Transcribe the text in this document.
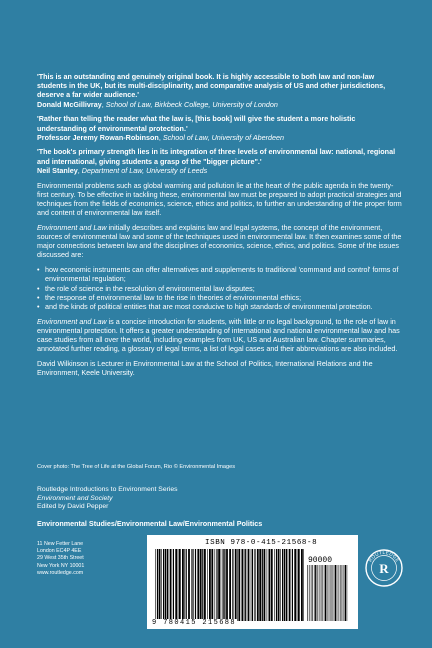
'This is an outstanding and genuinely original book. It is highly accessible to both law and non-law students in the UK, but its multi-disciplinarity, and comparative analysis of US and other jurisdictions, deserve a far wider audience.'
Donald McGillivray, School of Law, Birkbeck College, University of London
'Rather than telling the reader what the law is, [this book] will give the student a more holistic understanding of environmental protection.'
Professor Jeremy Rowan-Robinson, School of Law, University of Aberdeen
'The book's primary strength lies in its integration of three levels of environmental law: national, regional and international, giving students a grasp of the "bigger picture".'
Neil Stanley, Department of Law, University of Leeds

Environmental problems such as global warming and pollution lie at the heart of the public agenda in the twenty-first century. To be effective in tackling these, environmental law must be prepared to adopt practical strategies and techniques from the fields of economics, science, ethics and politics, to further an understanding of the proper form and content of environmental law itself.

Environment and Law initially describes and explains law and legal systems, the concept of the environment, sources of environmental law and some of the techniques used in environmental law. It then examines some of the major connections between law and the disciplines of economics, science, ethics, and politics. Some of the issues discussed are:

• how economic instruments can offer alternatives and supplements to traditional 'command and control' forms of environmental regulation;
• the role of science in the resolution of environmental law disputes;
• the response of environmental law to the rise in theories of environmental ethics;
• and the kinds of political entities that are most conducive to high standards of environmental protection.

Environment and Law is a concise introduction for students, with little or no legal background, to the role of law in environmental protection. It offers a greater understanding of international and national environmental law and has case studies from all over the world, including examples from UK, US and Australian law. Chapter summaries, annotated further reading, a glossary of legal terms, a list of legal cases and their abbreviations are also included.

David Wilkinson is Lecturer in Environmental Law at the School of Politics, International Relations and the Environment, Keele University.

Cover photo: The Tree of Life at the Global Forum, Rio © Environmental Images
Routledge Introductions to Environment Series
Environment and Society
Edited by David Pepper
Environmental Studies/Environmental Law/Environmental Politics
11 New Fetter Lane
London EC4P 4EE
29 West 35th Street
New York NY 10001
www.routledge.com
ISBN 978-0-415-21568-8
90000
9 780415 215688
R
ROUTLEDGE
